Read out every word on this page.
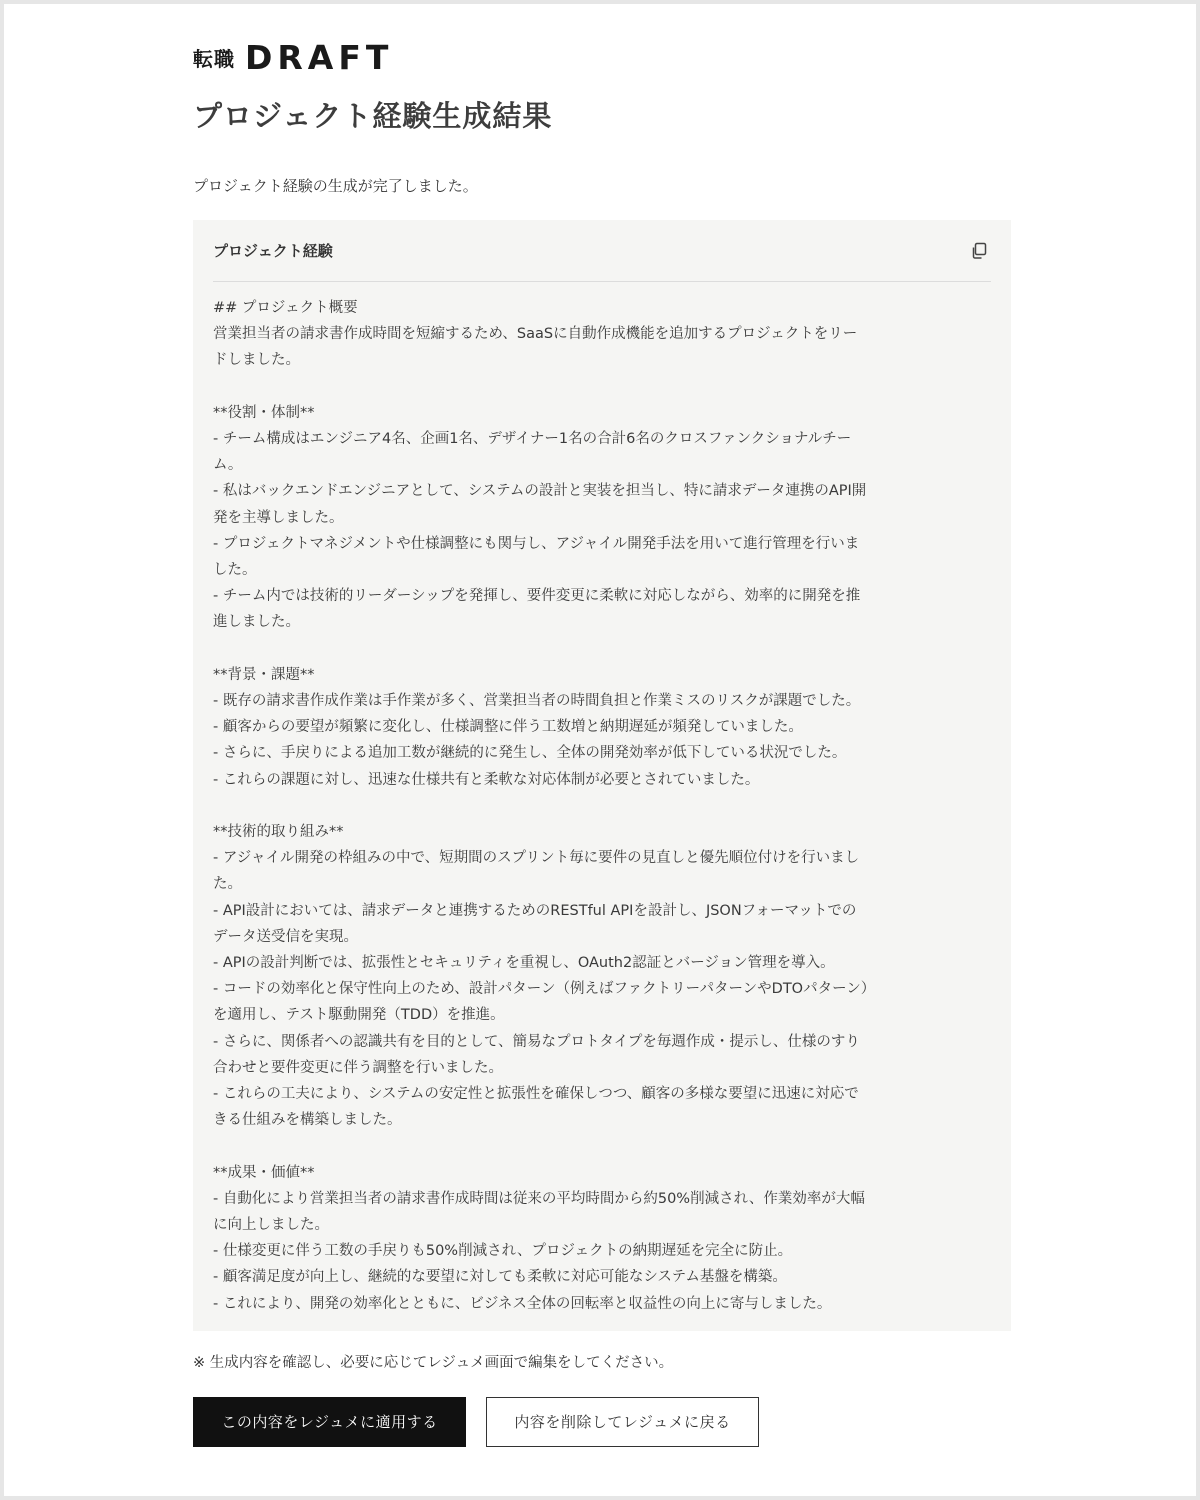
転職 DRAFT
プロジェクト経験生成結果
プロジェクト経験の生成が完了しました。
プロジェクト経験
## プロジェクト概要
営業担当者の請求書作成時間を短縮するため、SaaSに自動作成機能を追加するプロジェクトをリー
ドしました。
**役割・体制**
- チーム構成はエンジニア4名、企画1名、デザイナー1名の合計6名のクロスファンクショナルチー
ム。
- 私はバックエンドエンジニアとして、システムの設計と実装を担当し、特に請求データ連携のAPI開
発を主導しました。
- プロジェクトマネジメントや仕様調整にも関与し、アジャイル開発手法を用いて進行管理を行いま
した。
- チーム内では技術的リーダーシップを発揮し、要件変更に柔軟に対応しながら、効率的に開発を推
進しました。
**背景・課題**
- 既存の請求書作成作業は手作業が多く、営業担当者の時間負担と作業ミスのリスクが課題でした。
- 顧客からの要望が頻繁に変化し、仕様調整に伴う工数増と納期遅延が頻発していました。
- さらに、手戻りによる追加工数が継続的に発生し、全体の開発効率が低下している状況でした。
- これらの課題に対し、迅速な仕様共有と柔軟な対応体制が必要とされていました。
**技術的取り組み**
- アジャイル開発の枠組みの中で、短期間のスプリント毎に要件の見直しと優先順位付けを行いまし
た。
- API設計においては、請求データと連携するためのRESTful APIを設計し、JSONフォーマットでの
データ送受信を実現。
- APIの設計判断では、拡張性とセキュリティを重視し、OAuth2認証とバージョン管理を導入。
- コードの効率化と保守性向上のため、設計パターン（例えばファクトリーパターンやDTOパターン）
を適用し、テスト駆動開発（TDD）を推進。
- さらに、関係者への認識共有を目的として、簡易なプロトタイプを毎週作成・提示し、仕様のすり
合わせと要件変更に伴う調整を行いました。
- これらの工夫により、システムの安定性と拡張性を確保しつつ、顧客の多様な要望に迅速に対応で
きる仕組みを構築しました。
**成果・価値**
- 自動化により営業担当者の請求書作成時間は従来の平均時間から約50%削減され、作業効率が大幅
に向上しました。
- 仕様変更に伴う工数の手戻りも50%削減され、プロジェクトの納期遅延を完全に防止。
- 顧客満足度が向上し、継続的な要望に対しても柔軟に対応可能なシステム基盤を構築。
- これにより、開発の効率化とともに、ビジネス全体の回転率と収益性の向上に寄与しました。
※ 生成内容を確認し、必要に応じてレジュメ画面で編集をしてください。
この内容をレジュメに適用する	内容を削除してレジュメに戻る
